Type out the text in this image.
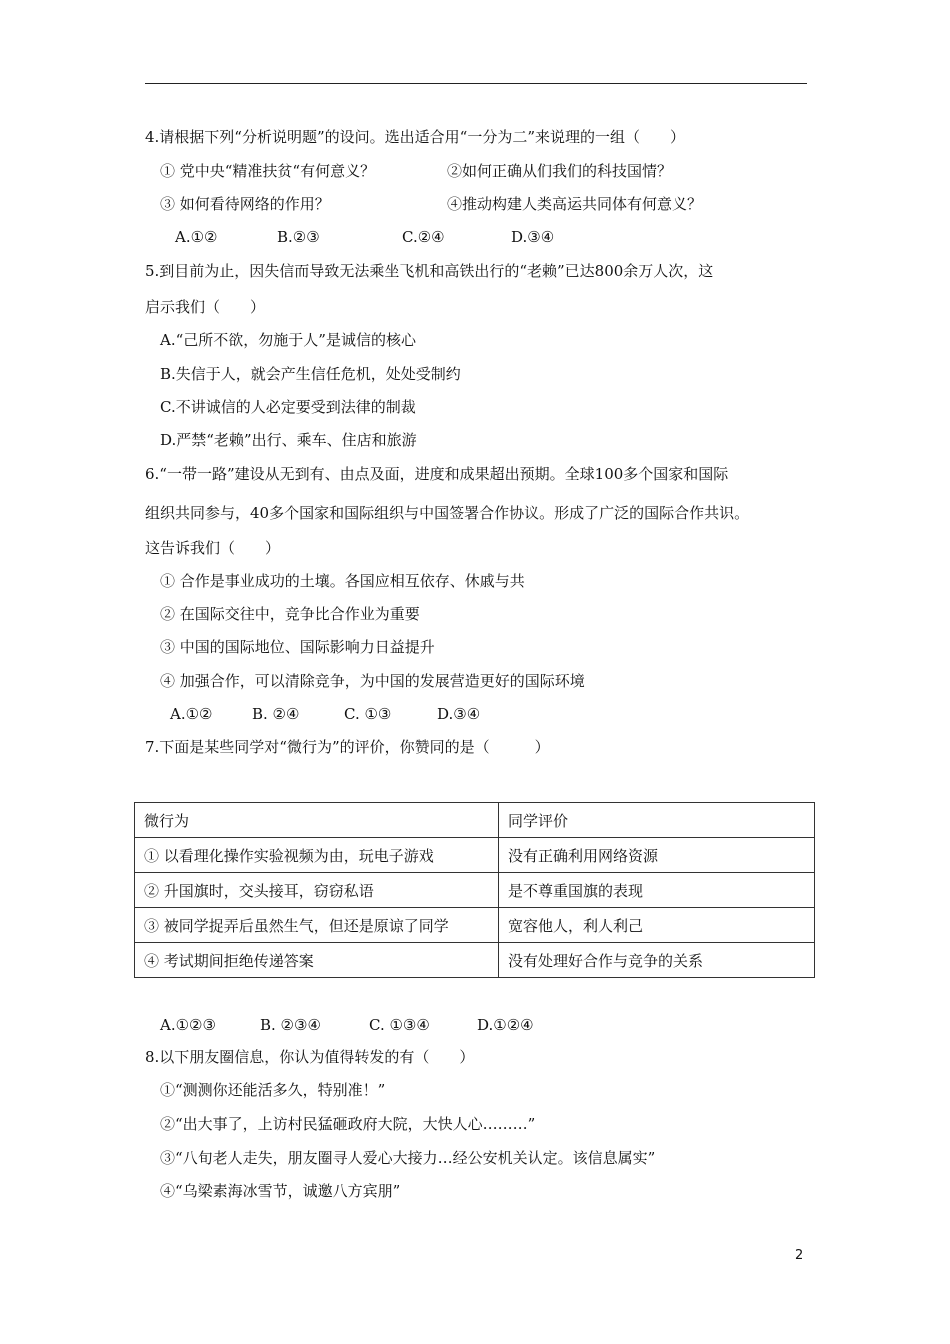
4.请根据下列“分析说明题”的设问。选出适合用“一分为二”来说理的一组（　　）
① 党中央“精准扶贫“有何意义？	②如何正确从们我们的科技国情？
③ 如何看待网络的作用？	④推动构建人类高运共同体有何意义？
A.①②	B.②③	C.②④	D.③④
5.到目前为止，因失信而导致无法乘坐飞机和高铁出行的“老赖”已达800余万人次，这
启示我们（　　）
A.“己所不欲，勿施于人”是诚信的核心
B.失信于人，就会产生信任危机，处处受制约
C.不讲诚信的人必定要受到法律的制裁
D.严禁“老赖”出行、乘车、住店和旅游
6.“一带一路”建设从无到有、由点及面，进度和成果超出预期。全球100多个国家和国际
组织共同参与，40多个国家和国际组织与中国签署合作协议。形成了广泛的国际合作共识。
这告诉我们（　　）
① 合作是事业成功的土壤。各国应相互依存、休戚与共
② 在国际交往中，竞争比合作业为重要
③ 中国的国际地位、国际影响力日益提升
④ 加强合作，可以清除竞争，为中国的发展营造更好的国际环境
A.①②	B. ②④	C. ①③	D.③④
7.下面是某些同学对“微行为”的评价，你赞同的是（　　　）
微行为	同学评价
① 以看理化操作实验视频为由，玩电子游戏	没有正确利用网络资源
② 升国旗时，交头接耳，窃窃私语	是不尊重国旗的表现
③ 被同学捉弄后虽然生气，但还是原谅了同学	宽容他人，利人利己
④ 考试期间拒绝传递答案	没有处理好合作与竞争的关系
A.①②③	B. ②③④	C. ①③④	D.①②④
8.以下朋友圈信息，你认为值得转发的有（　　）
①“测测你还能活多久，特别准！”
②“出大事了，上访村民猛砸政府大院，大快人心………”
③“八旬老人走失，朋友圈寻人爱心大接力…经公安机关认定。该信息属实”
④“乌梁素海冰雪节，诚邀八方宾朋”
2
